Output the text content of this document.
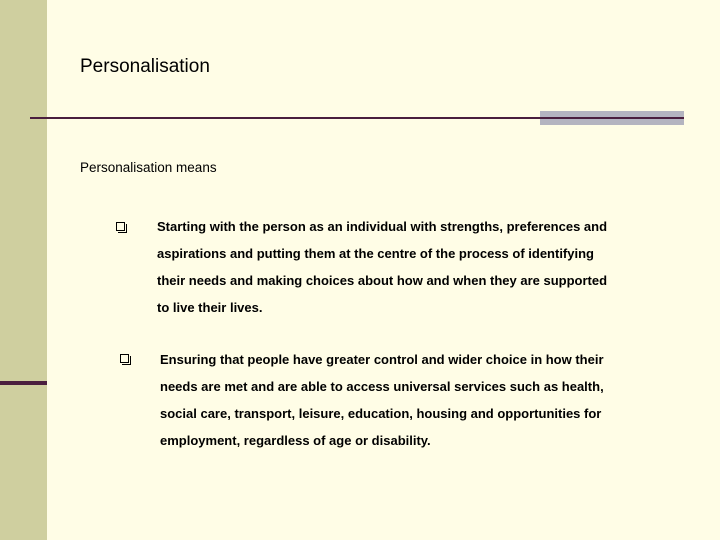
Personalisation
Personalisation means
Starting with the person as an individual with strengths, preferences and
aspirations and putting them at the centre of the process of identifying
their needs and making choices about how and when they are supported
to live their lives.
Ensuring that people have greater control and wider choice in how their
needs are met and are able to access universal services such as health,
social care, transport, leisure, education, housing and opportunities for
employment, regardless of age or disability.
